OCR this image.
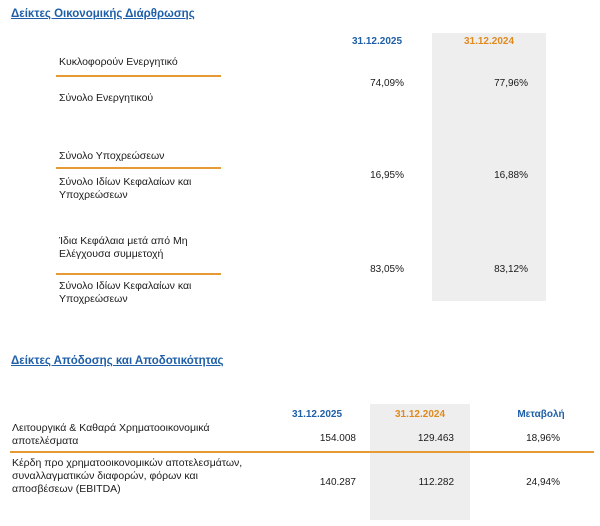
Δείκτες Οικονομικής Διάρθρωσης
31.12.2025	31.12.2024
Κυκλοφορούν Ενεργητικό
Σύνολο Ενεργητικού
74,09%	77,96%
Σύνολο Υποχρεώσεων
Σύνολο Ιδίων Κεφαλαίων και Υποχρεώσεων
16,95%	16,88%
Ίδια Κεφάλαια μετά από Μη Ελέγχουσα συμμετοχή
Σύνολο Ιδίων Κεφαλαίων και Υποχρεώσεων
83,05%	83,12%
Δείκτες Απόδοσης και Αποδοτικότητας
31.12.2025	31.12.2024	Μεταβολή
Λειτουργικά & Καθαρά Χρηματοοικονομικά αποτελέσματα	154.008	129.463	18,96%
Κέρδη προ χρηματοοικονομικών αποτελεσμάτων, συναλλαγματικών διαφορών, φόρων και αποσβέσεων (EBITDA)
140.287	112.282	24,94%
